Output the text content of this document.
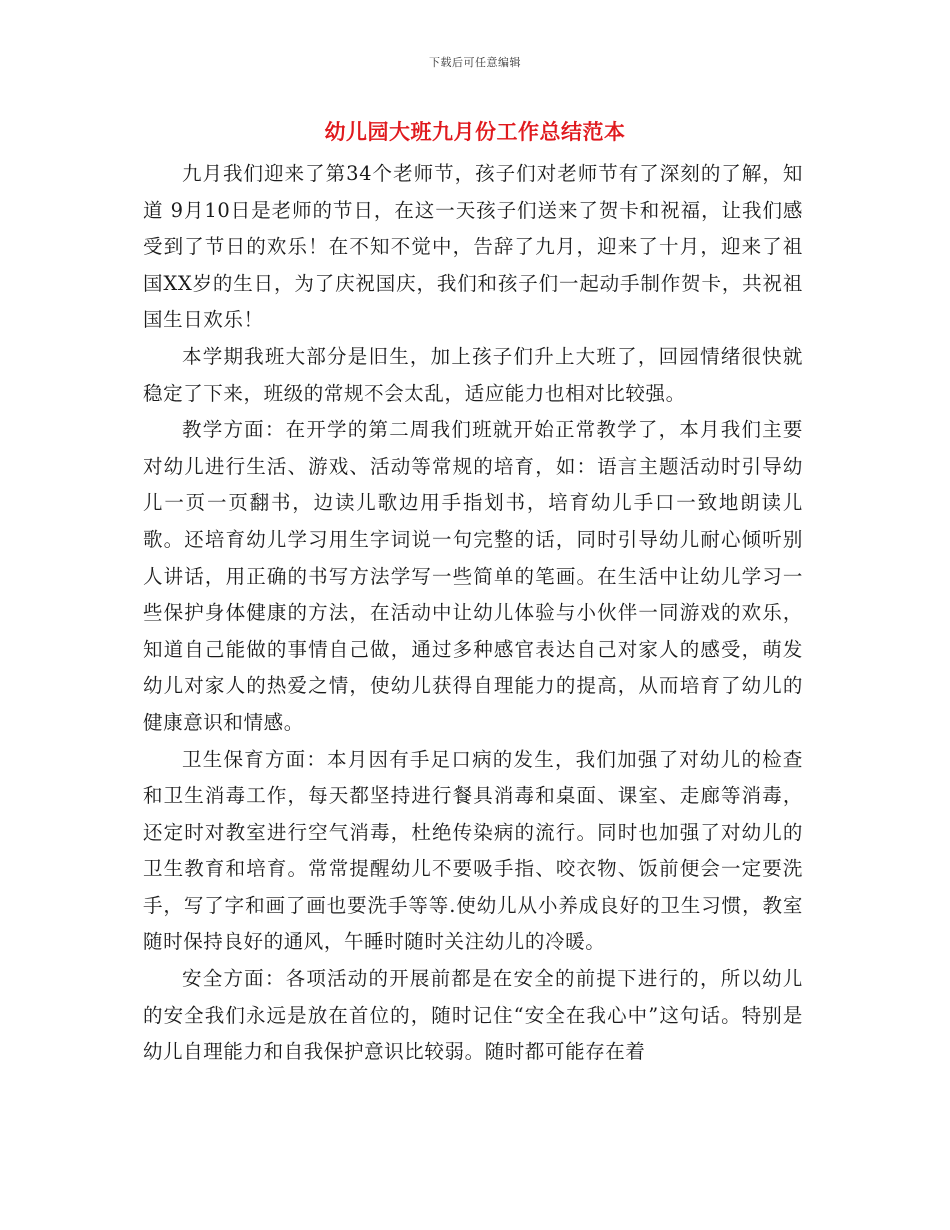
下载后可任意编辑
幼儿园大班九月份工作总结范本

九月我们迎来了第34个老师节，孩子们对老师节有了深刻的了解，知道 9月10日是老师的节日，在这一天孩子们送来了贺卡和祝福，让我们感受到了节日的欢乐！在不知不觉中，告辞了九月，迎来了十月，迎来了祖国XX岁的生日，为了庆祝国庆，我们和孩子们一起动手制作贺卡，共祝祖国生日欢乐！

本学期我班大部分是旧生，加上孩子们升上大班了，回园情绪很快就稳定了下来，班级的常规不会太乱，适应能力也相对比较强。

教学方面：在开学的第二周我们班就开始正常教学了，本月我们主要对幼儿进行生活、游戏、活动等常规的培育，如：语言主题活动时引导幼儿一页一页翻书，边读儿歌边用手指划书，培育幼儿手口一致地朗读儿歌。还培育幼儿学习用生字词说一句完整的话，同时引导幼儿耐心倾听别人讲话，用正确的书写方法学写一些简单的笔画。在生活中让幼儿学习一些保护身体健康的方法，在活动中让幼儿体验与小伙伴一同游戏的欢乐，知道自己能做的事情自己做，通过多种感官表达自己对家人的感受，萌发幼儿对家人的热爱之情，使幼儿获得自理能力的提高，从而培育了幼儿的健康意识和情感。

卫生保育方面：本月因有手足口病的发生，我们加强了对幼儿的检查和卫生消毒工作，每天都坚持进行餐具消毒和桌面、课室、走廊等消毒，还定时对教室进行空气消毒，杜绝传染病的流行。同时也加强了对幼儿的卫生教育和培育。常常提醒幼儿不要吸手指、咬衣物、饭前便会一定要洗手，写了字和画了画也要洗手等等.使幼儿从小养成良好的卫生习惯，教室随时保持良好的通风，午睡时随时关注幼儿的冷暖。

安全方面：各项活动的开展前都是在安全的前提下进行的，所以幼儿的安全我们永远是放在首位的，随时记住“安全在我心中”这句话。特别是幼儿自理能力和自我保护意识比较弱。随时都可能存在着
